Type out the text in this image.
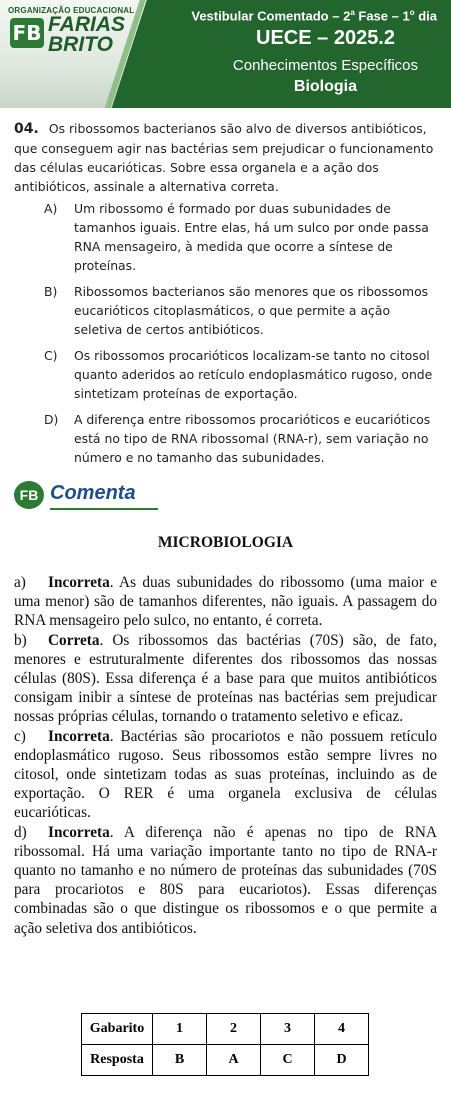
ORGANIZAÇÃO EDUCACIONAL
FB FARIAS
BRITO
Vestibular Comentado – 2$^a$ Fase – 1$^o$ dia
UECE – 2025.2
Conhecimentos Específicos
Biologia
04. Os ribossomos bacterianos são alvo de diversos antibióticos, que conseguem agir nas bactérias sem prejudicar o funcionamento das células eucarióticas. Sobre essa organela e a ação dos antibióticos, assinale a alternativa correta.
A) Um ribossomo é formado por duas subunidades de tamanhos iguais. Entre elas, há um sulco por onde passa RNA mensageiro, à medida que ocorre a síntese de proteínas.
B) Ribossomos bacterianos são menores que os ribossomos eucarióticos citoplasmáticos, o que permite a ação seletiva de certos antibióticos.
C) Os ribossomos procarióticos localizam-se tanto no citosol quanto aderidos ao retículo endoplasmático rugoso, onde sintetizam proteínas de exportação.
D) A diferença entre ribossomos procarióticos e eucarióticos está no tipo de RNA ribossomal (RNA-r), sem variação no número e no tamanho das subunidades.
FB Comenta
MICROBIOLOGIA

a) Incorreta. As duas subunidades do ribossomo (uma maior e uma menor) são de tamanhos diferentes, não iguais. A passagem do RNA mensageiro pelo sulco, no entanto, é correta.

b) Correta. Os ribossomos das bactérias (70S) são, de fato, menores e estruturalmente diferentes dos ribossomos das nossas células (80S). Essa diferença é a base para que muitos antibióticos consigam inibir a síntese de proteínas nas bactérias sem prejudicar nossas próprias células, tornando o tratamento seletivo e eficaz.

c) Incorreta. Bactérias são procariotos e não possuem retículo endoplasmático rugoso. Seus ribossomos estão sempre livres no citosol, onde sintetizam todas as suas proteínas, incluindo as de exportação. O RER é uma organela exclusiva de células eucarióticas.

d) Incorreta. A diferença não é apenas no tipo de RNA ribossomal. Há uma variação importante tanto no tipo de RNA-r quanto no tamanho e no número de proteínas das subunidades (70S para procariotos e 80S para eucariotos). Essas diferenças combinadas são o que distingue os ribossomos e o que permite a ação seletiva dos antibióticos.

Gabarito	1	2	3	4
Resposta	B	A	C	D
